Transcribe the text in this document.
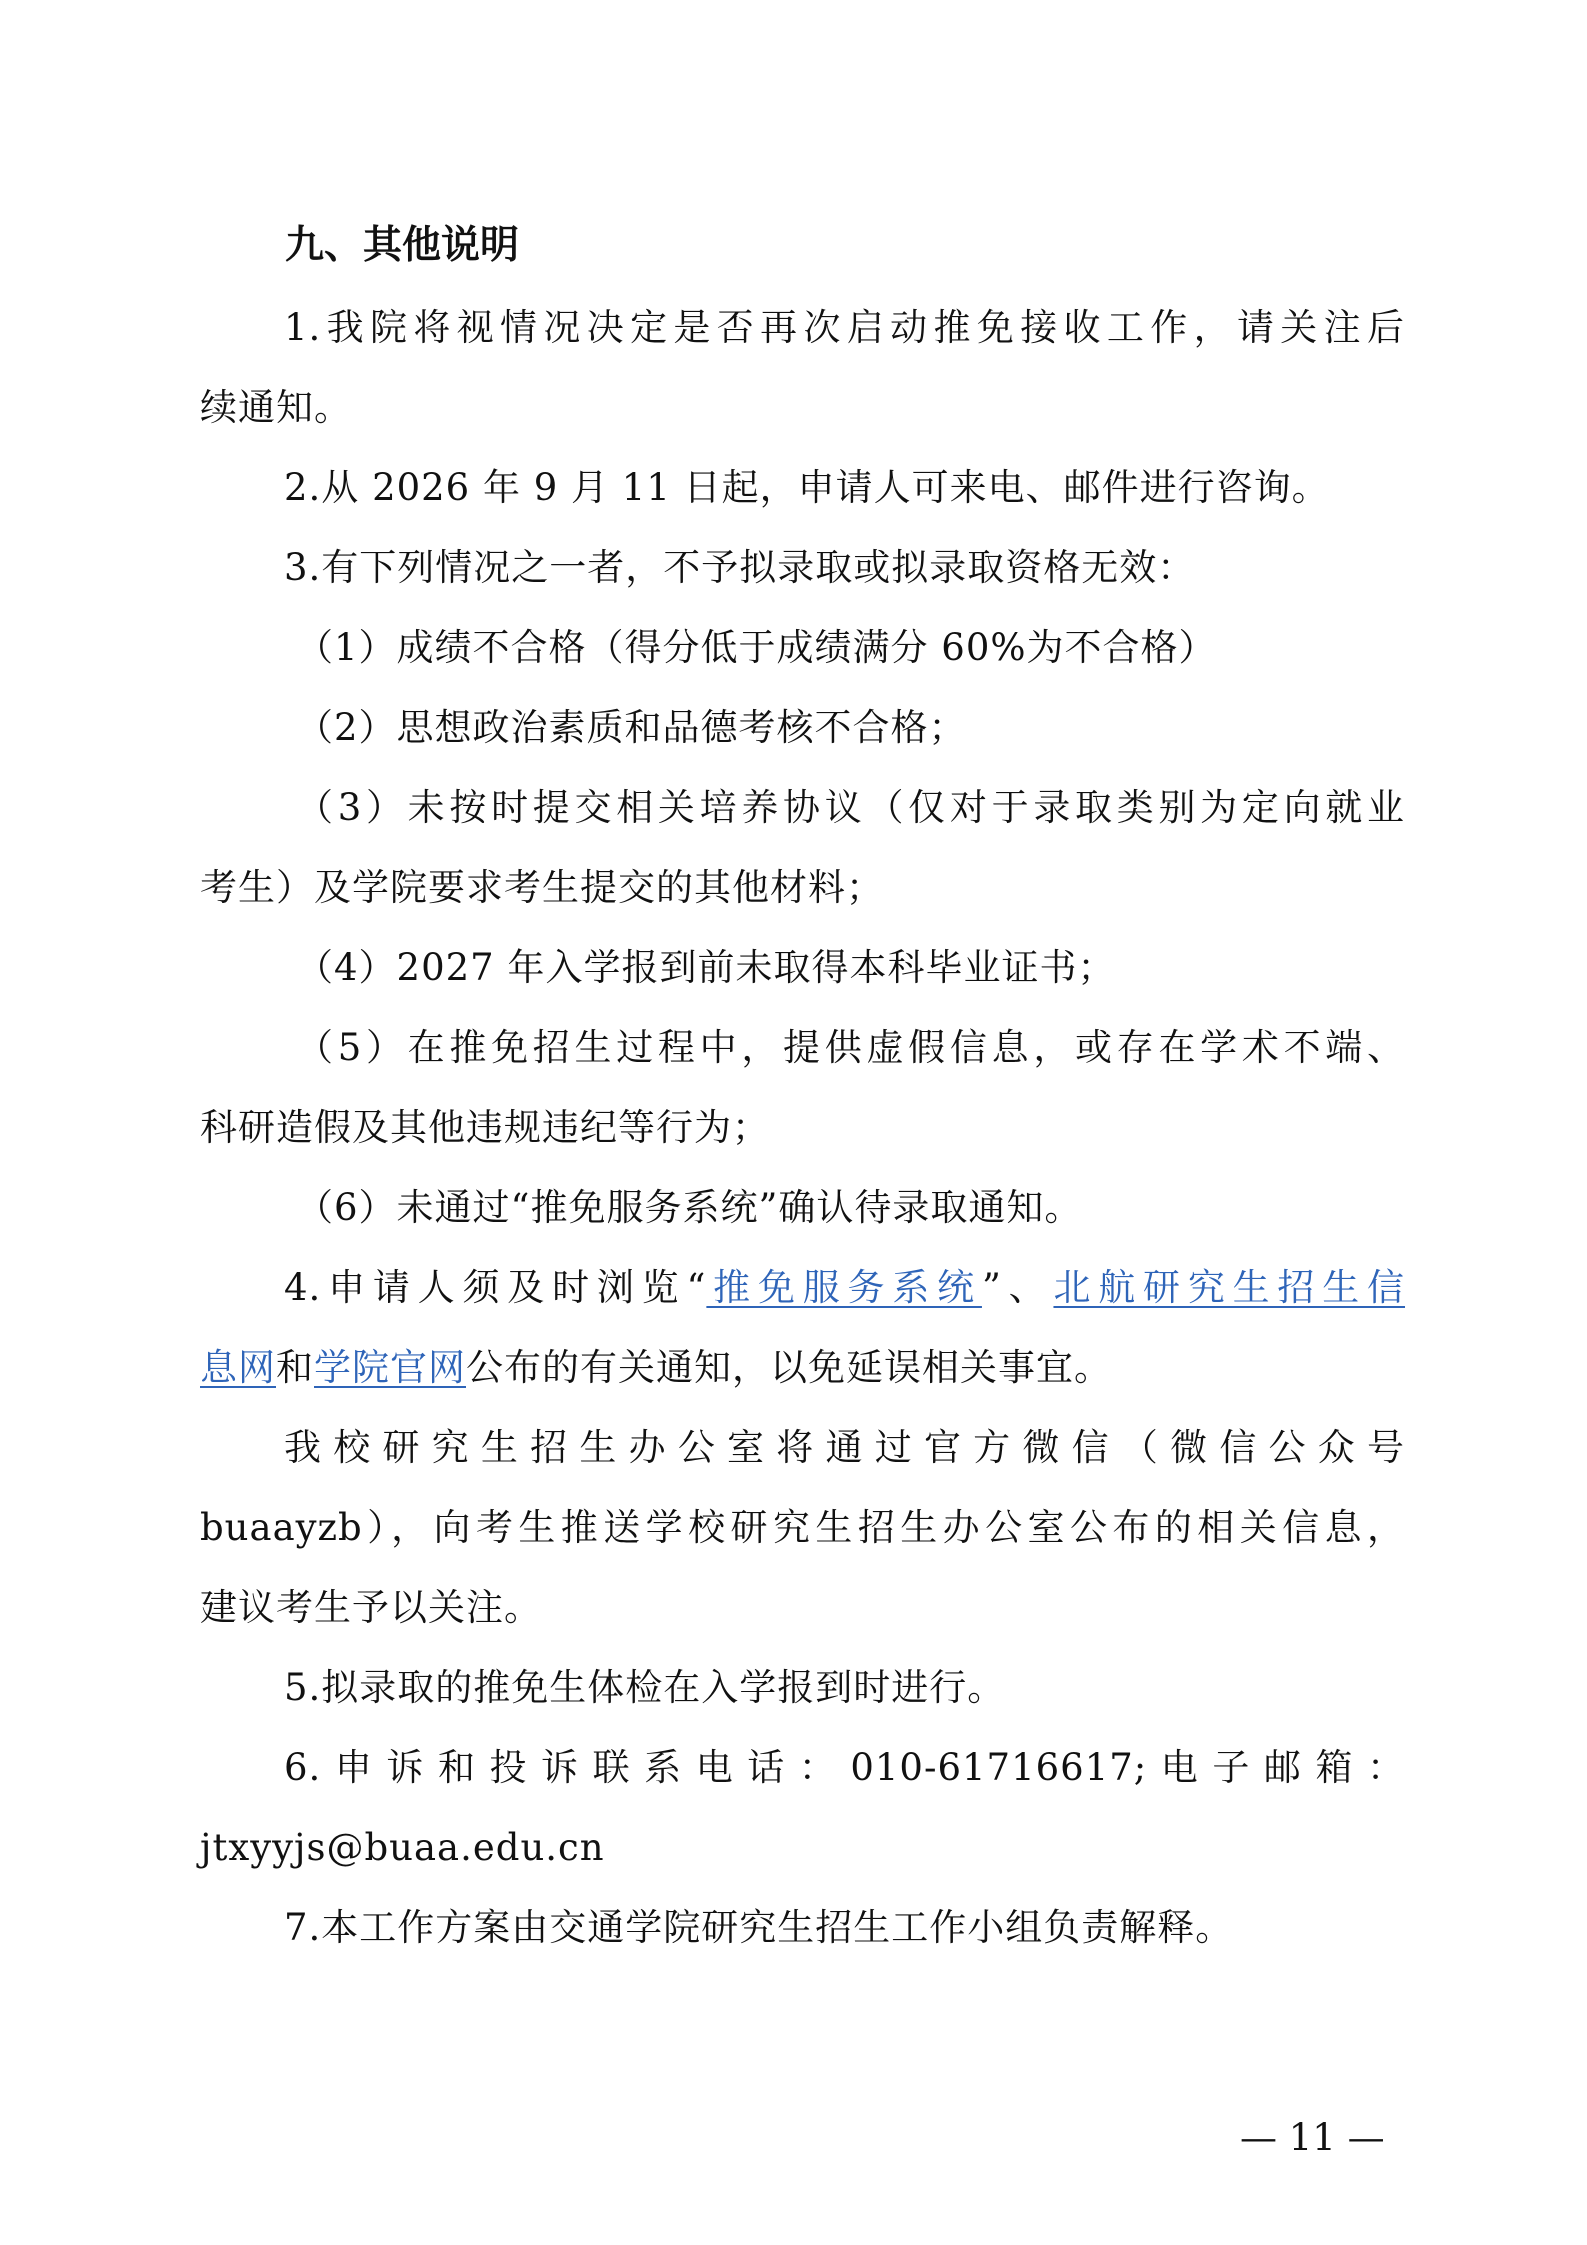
九、其他说明
1.我院将视情况决定是否再次启动推免接收工作，请关注后
续通知。
2.从 2026 年 9 月 11 日起，申请人可来电、邮件进行咨询。
3.有下列情况之一者，不予拟录取或拟录取资格无效：
（1）成绩不合格（得分低于成绩满分 60%为不合格）
（2）思想政治素质和品德考核不合格；
（3）未按时提交相关培养协议（仅对于录取类别为定向就业
考生）及学院要求考生提交的其他材料；
（4）2027 年入学报到前未取得本科毕业证书；
（5）在推免招生过程中，提供虚假信息，或存在学术不端、
科研造假及其他违规违纪等行为；
（6）未通过“推免服务系统”确认待录取通知。
4.申请人须及时浏览“推免服务系统”、北航研究生招生信
息网和学院官网公布的有关通知，以免延误相关事宜。
我校研究生招生办公室将通过官方微信（微信公众号
buaayzb），向考生推送学校研究生招生办公室公布的相关信息，
建议考生予以关注。
5.拟录取的推免生体检在入学报到时进行。
6.申诉和投诉联系电话：010-61716617;电子邮箱：
jtxyyjs@buaa.edu.cn
7.本工作方案由交通学院研究生招生工作小组负责解释。
— 11 —
